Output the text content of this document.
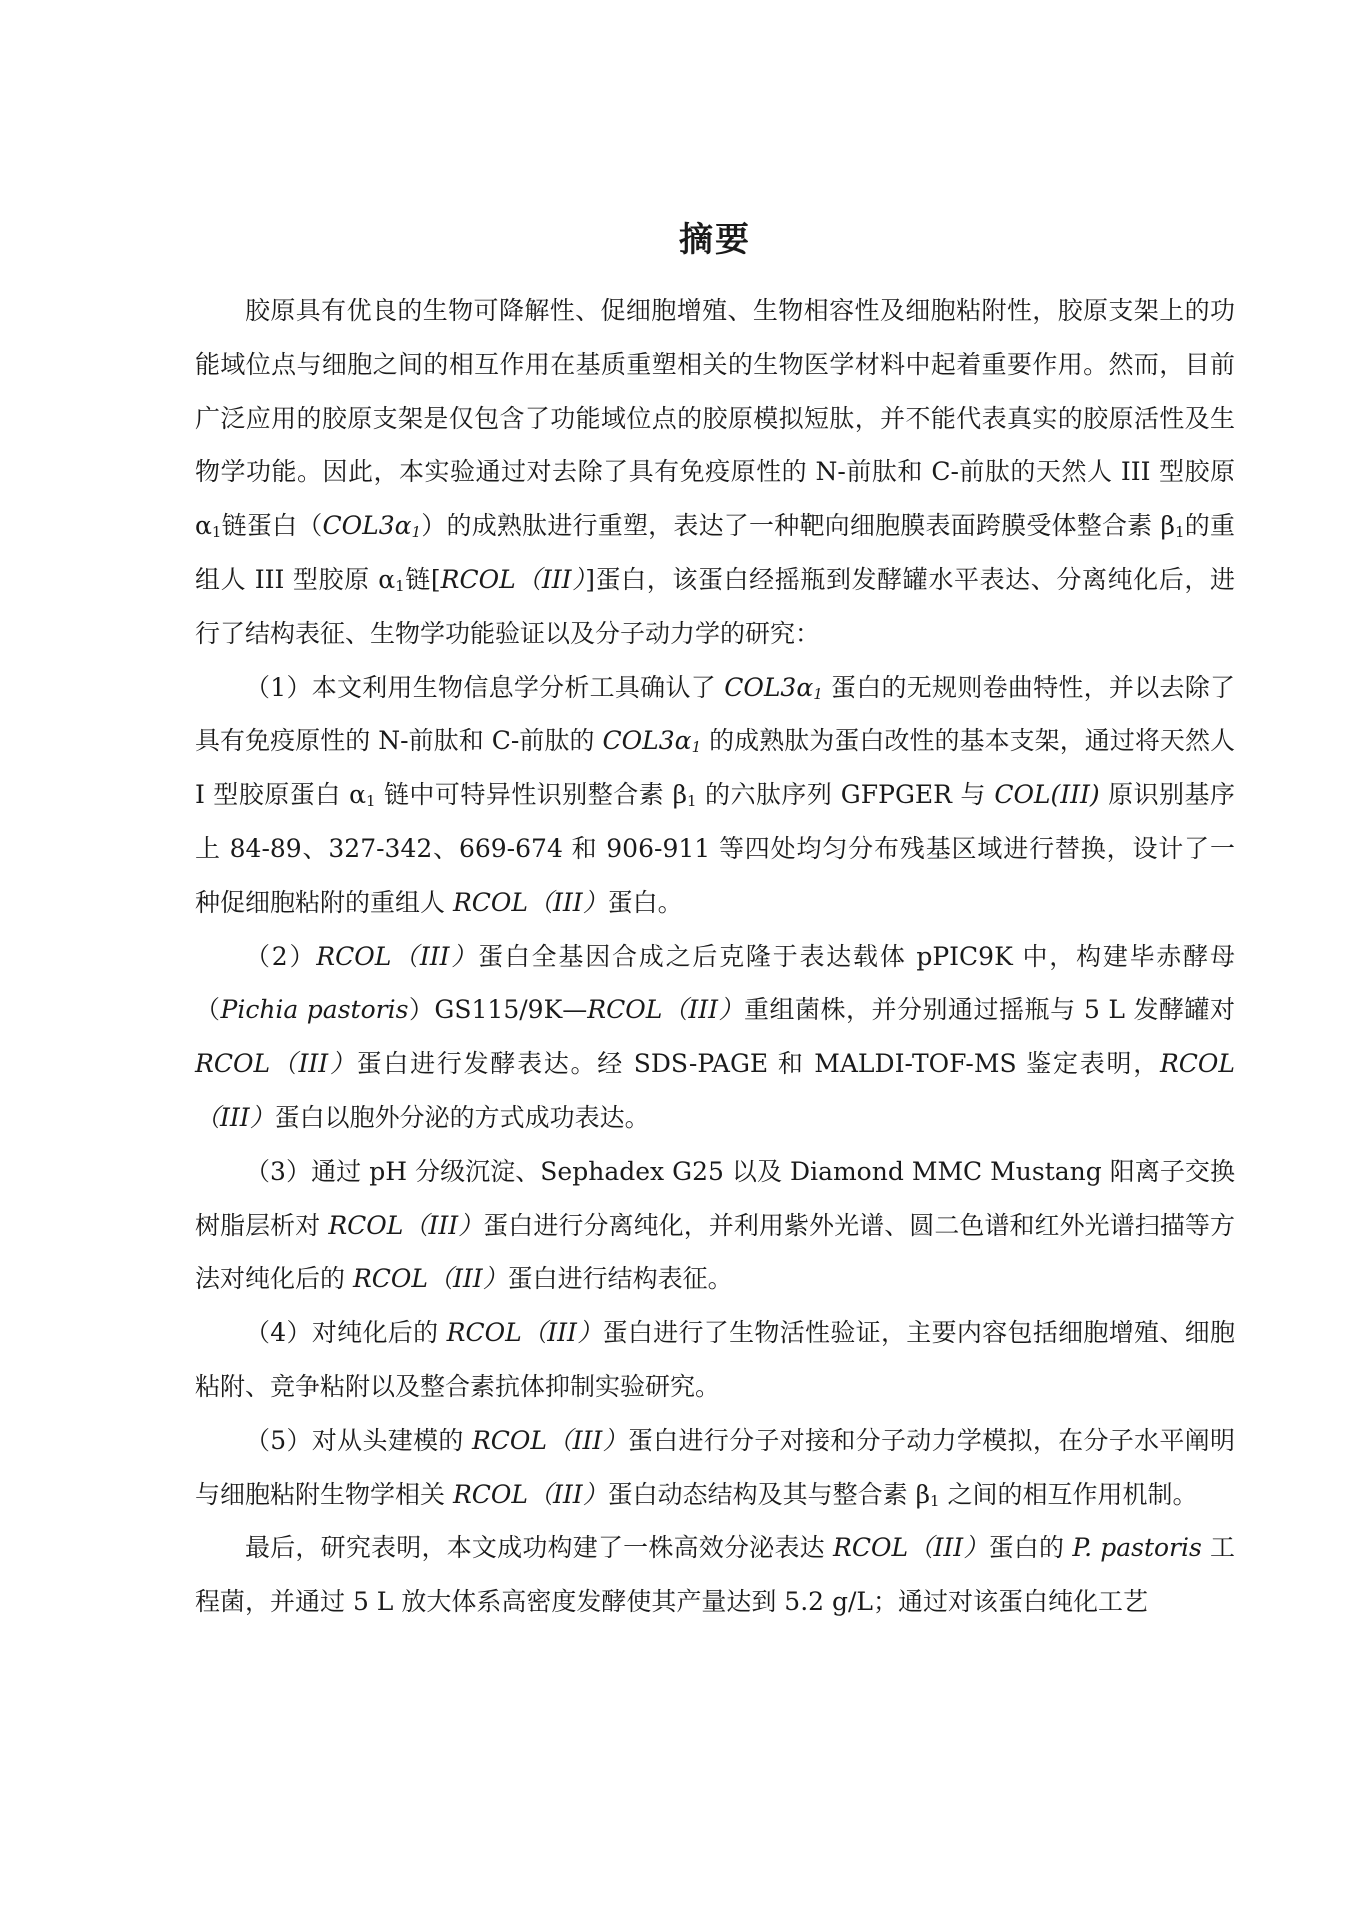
摘要

胶原具有优良的生物可降解性、促细胞增殖、生物相容性及细胞粘附性，胶原支架上的功能域位点与细胞之间的相互作用在基质重塑相关的生物医学材料中起着重要作用。然而，目前广泛应用的胶原支架是仅包含了功能域位点的胶原模拟短肽，并不能代表真实的胶原活性及生物学功能。因此，本实验通过对去除了具有免疫原性的 N-前肽和 C-前肽的天然人 III 型胶原 $\alpha_1$链蛋白$(COL3\alpha_1)$的成熟肽进行重塑，表达了一种靶向细胞膜表面跨膜受体整合素 $\beta_1$的重组人 III 型胶原 $\alpha_1$链[RCOL（III）]蛋白，该蛋白经摇瓶到发酵罐水平表达、分离纯化后，进行了结构表征、生物学功能验证以及分子动力学的研究：

（1）本文利用生物信息学分析工具确认了 $COL3\alpha_1$ 蛋白的无规则卷曲特性，并以去除了具有免疫原性的 N-前肽和 C-前肽的 $COL3\alpha_1$ 的成熟肽为蛋白改性的基本支架，通过将天然人 I 型胶原蛋白 $\alpha_1$ 链中可特异性识别整合素 $\beta_1$ 的六肽序列 GFPGER 与 COL(III) 原识别基序上 84-89、327-342、669-674 和 906-911 等四处均匀分布残基区域进行替换，设计了一种促细胞粘附的重组人 RCOL（III）蛋白。

（2）RCOL（III）蛋白全基因合成之后克隆于表达载体 pPIC9K 中，构建毕赤酵母（Pichia pastoris）GS115/9K—RCOL（III）重组菌株，并分别通过摇瓶与 5 L 发酵罐对 RCOL（III）蛋白进行发酵表达。经 SDS-PAGE 和 MALDI-TOF-MS 鉴定表明，RCOL（III）蛋白以胞外分泌的方式成功表达。

（3）通过 pH 分级沉淀、Sephadex G25 以及 Diamond MMC Mustang 阳离子交换树脂层析对 RCOL（III）蛋白进行分离纯化，并利用紫外光谱、圆二色谱和红外光谱扫描等方法对纯化后的 RCOL（III）蛋白进行结构表征。

（4）对纯化后的 RCOL（III）蛋白进行了生物活性验证，主要内容包括细胞增殖、细胞粘附、竞争粘附以及整合素抗体抑制实验研究。

（5）对从头建模的 RCOL（III）蛋白进行分子对接和分子动力学模拟，在分子水平阐明与细胞粘附生物学相关 RCOL（III）蛋白动态结构及其与整合素 $\beta_1$ 之间的相互作用机制。

最后，研究表明，本文成功构建了一株高效分泌表达 RCOL（III）蛋白的 P. pastoris 工程菌，并通过 5 L 放大体系高密度发酵使其产量达到 5.2 g/L；通过对该蛋白纯化工艺
